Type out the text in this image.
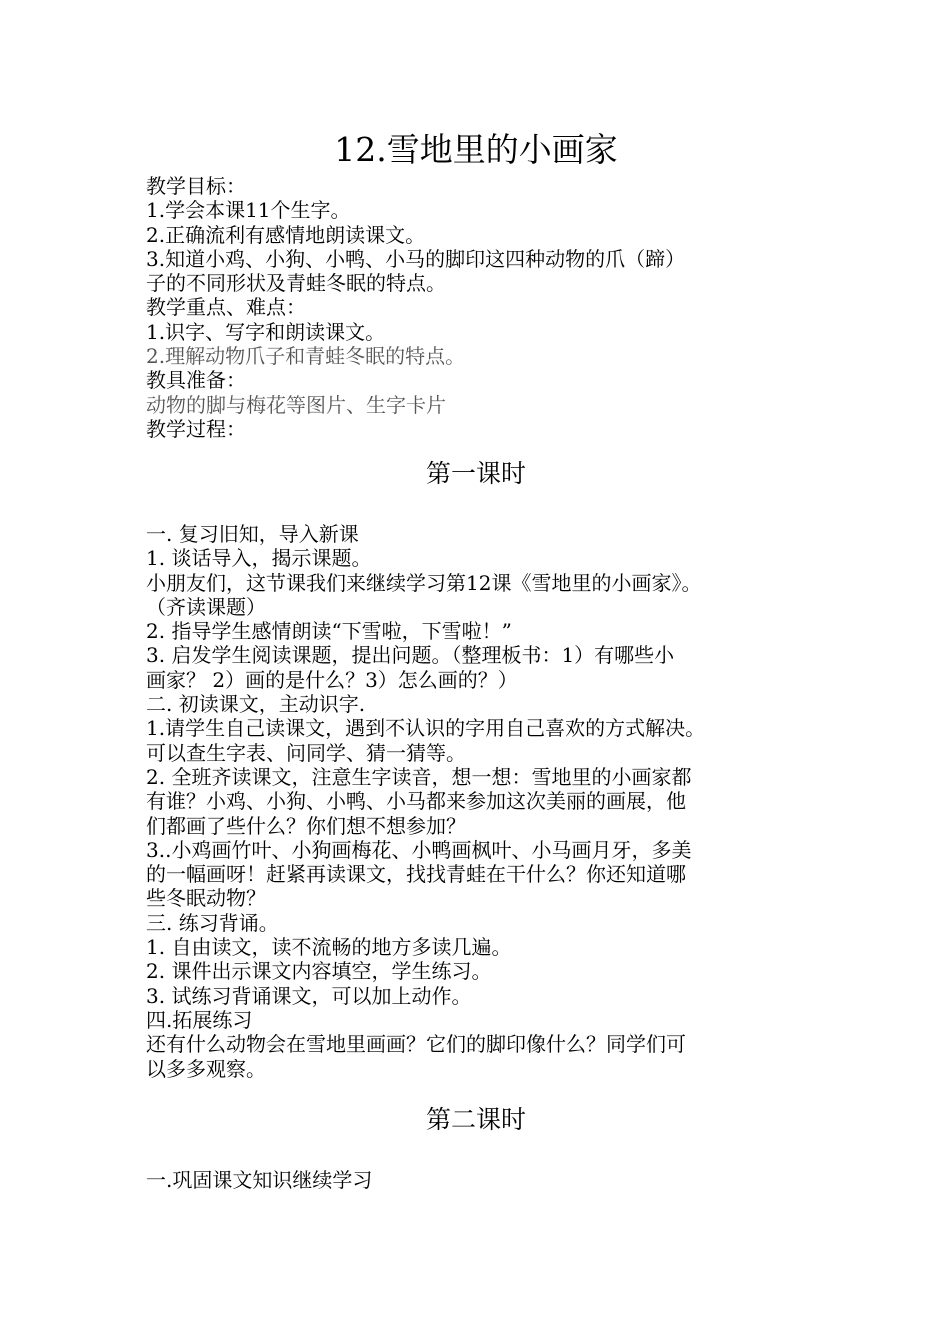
12.雪地里的小画家
教学目标：
1.学会本课11个生字。
2.正确流利有感情地朗读课文。
3.知道小鸡、小狗、小鸭、小马的脚印这四种动物的爪（蹄）
子的不同形状及青蛙冬眠的特点。
教学重点、难点：
1.识字、写字和朗读课文。
2.理解动物爪子和青蛙冬眠的特点。
教具准备：
动物的脚与梅花等图片、生字卡片
教学过程：
第一课时
一. 复习旧知，导入新课
1. 谈话导入，揭示课题。
小朋友们，这节课我们来继续学习第12课《雪地里的小画家》。
（齐读课题）
2. 指导学生感情朗读“下雪啦，下雪啦！”
3. 启发学生阅读课题，提出问题。（整理板书：1）有哪些小
画家？ 2）画的是什么？3）怎么画的？）
二. 初读课文，主动识字.
1.请学生自己读课文，遇到不认识的字用自己喜欢的方式解决。
可以查生字表、问同学、猜一猜等。
2. 全班齐读课文，注意生字读音，想一想：雪地里的小画家都
有谁？小鸡、小狗、小鸭、小马都来参加这次美丽的画展，他
们都画了些什么？你们想不想参加？
3..小鸡画竹叶、小狗画梅花、小鸭画枫叶、小马画月牙，多美
的一幅画呀！赶紧再读课文，找找青蛙在干什么？你还知道哪
些冬眠动物？
三. 练习背诵。
1. 自由读文，读不流畅的地方多读几遍。
2. 课件出示课文内容填空，学生练习。
3. 试练习背诵课文，可以加上动作。
四.拓展练习
还有什么动物会在雪地里画画？它们的脚印像什么？同学们可
以多多观察。
第二课时
一.巩固课文知识继续学习
